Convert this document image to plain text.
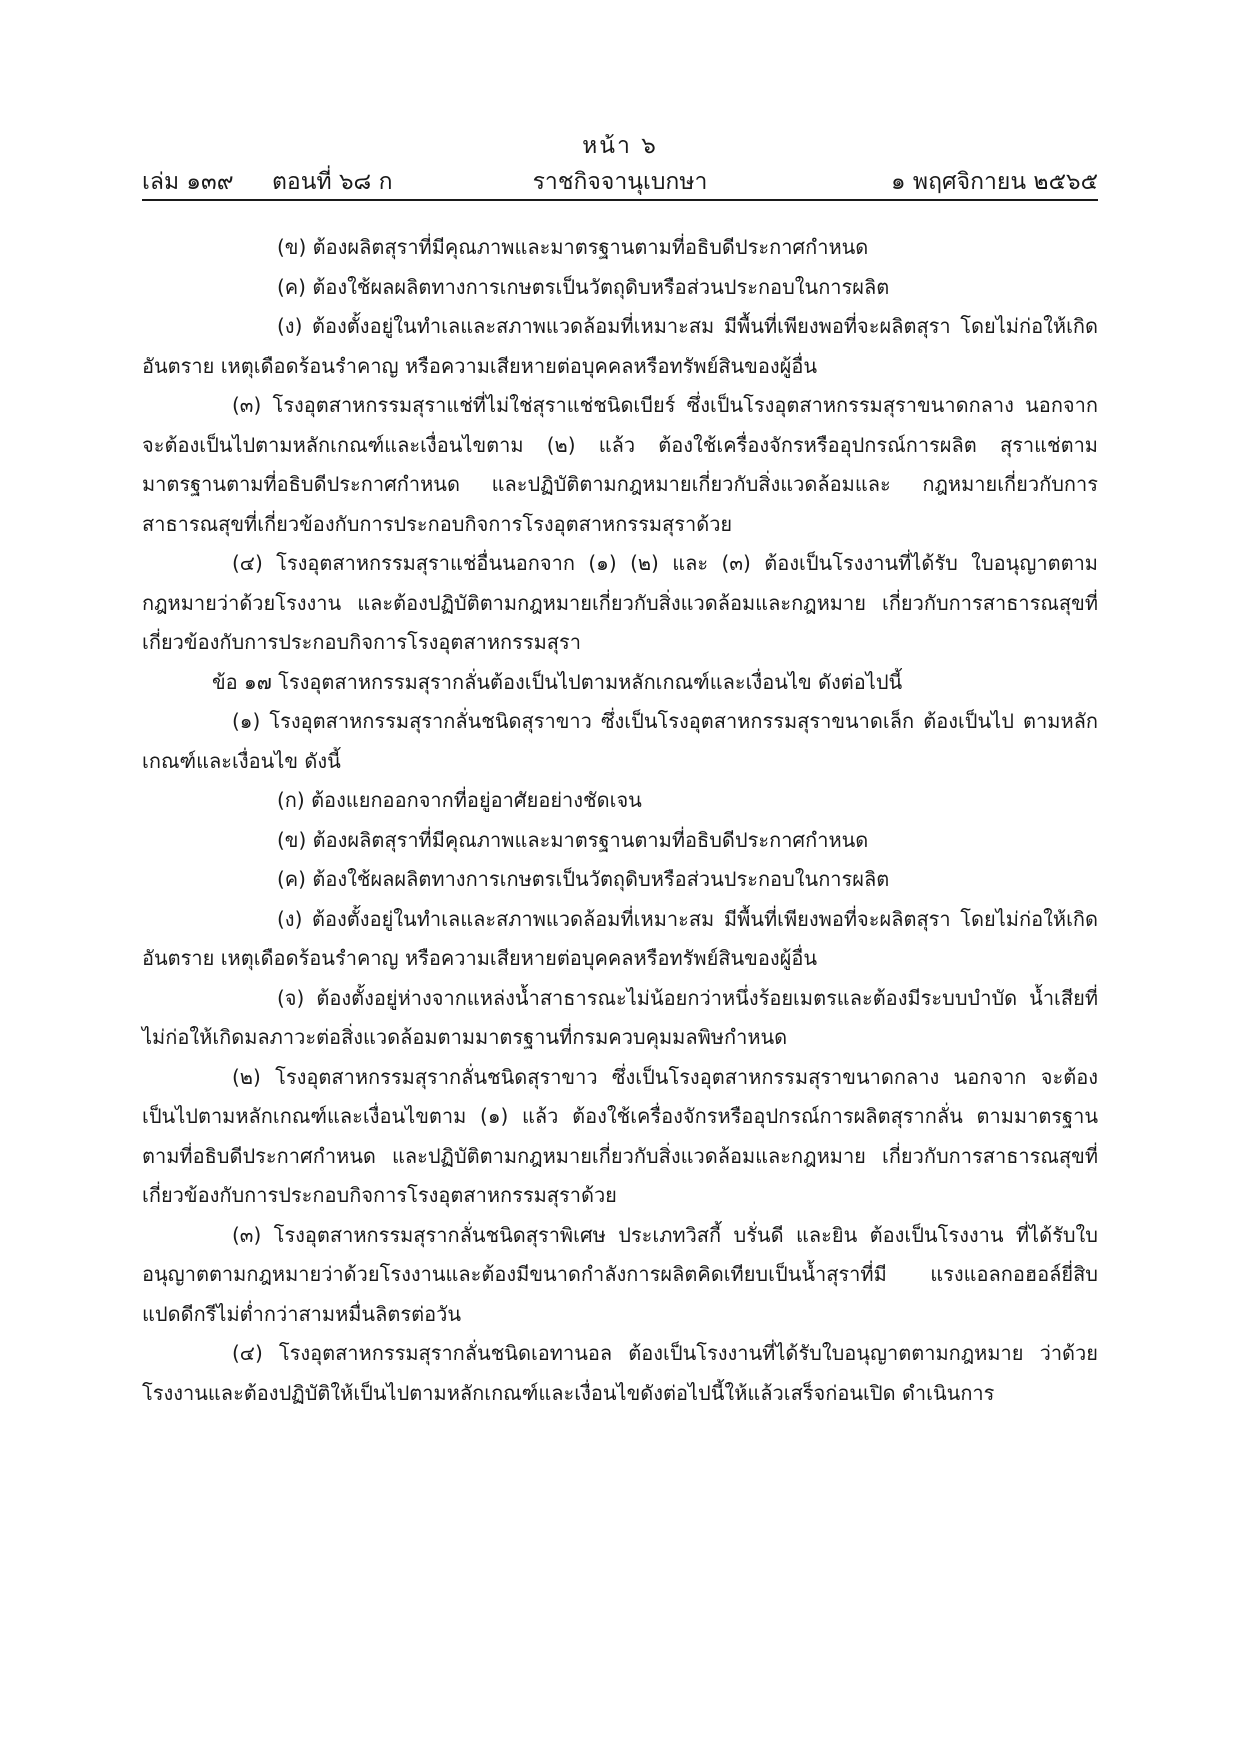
หน้า ๖
ราชกิจจานุเบกษา
เล่ม ๑๓๙ ตอนที่ ๖๘ ก	๑ พฤศจิกายน ๒๕๖๕

(ข) ต้องผลิตสุราที่มีคุณภาพและมาตรฐานตามที่อธิบดีประกาศกำหนด

(ค) ต้องใช้ผลผลิตทางการเกษตรเป็นวัตถุดิบหรือส่วนประกอบในการผลิต

(ง) ต้องตั้งอยู่ในทำเลและสภาพแวดล้อมที่เหมาะสม มีพื้นที่เพียงพอที่จะผลิตสุรา โดยไม่ก่อให้เกิดอันตราย เหตุเดือดร้อนรำคาญ หรือความเสียหายต่อบุคคลหรือทรัพย์สินของผู้อื่น

(๓) โรงอุตสาหกรรมสุราแช่ที่ไม่ใช่สุราแช่ชนิดเบียร์ ซึ่งเป็นโรงอุตสาหกรรมสุราขนาดกลาง นอกจากจะต้องเป็นไปตามหลักเกณฑ์และเงื่อนไขตาม (๒) แล้ว ต้องใช้เครื่องจักรหรืออุปกรณ์การผลิต สุราแช่ตามมาตรฐานตามที่อธิบดีประกาศกำหนด และปฏิบัติตามกฎหมายเกี่ยวกับสิ่งแวดล้อมและ กฎหมายเกี่ยวกับการสาธารณสุขที่เกี่ยวข้องกับการประกอบกิจการโรงอุตสาหกรรมสุราด้วย

(๔) โรงอุตสาหกรรมสุราแช่อื่นนอกจาก (๑) (๒) และ (๓) ต้องเป็นโรงงานที่ได้รับ ใบอนุญาตตามกฎหมายว่าด้วยโรงงาน และต้องปฏิบัติตามกฎหมายเกี่ยวกับสิ่งแวดล้อมและกฎหมาย เกี่ยวกับการสาธารณสุขที่เกี่ยวข้องกับการประกอบกิจการโรงอุตสาหกรรมสุรา

ข้อ ๑๗ โรงอุตสาหกรรมสุรากลั่นต้องเป็นไปตามหลักเกณฑ์และเงื่อนไข ดังต่อไปนี้

(๑) โรงอุตสาหกรรมสุรากลั่นชนิดสุราขาว ซึ่งเป็นโรงอุตสาหกรรมสุราขนาดเล็ก ต้องเป็นไป ตามหลักเกณฑ์และเงื่อนไข ดังนี้

(ก) ต้องแยกออกจากที่อยู่อาศัยอย่างชัดเจน

(ข) ต้องผลิตสุราที่มีคุณภาพและมาตรฐานตามที่อธิบดีประกาศกำหนด

(ค) ต้องใช้ผลผลิตทางการเกษตรเป็นวัตถุดิบหรือส่วนประกอบในการผลิต

(ง) ต้องตั้งอยู่ในทำเลและสภาพแวดล้อมที่เหมาะสม มีพื้นที่เพียงพอที่จะผลิตสุรา โดยไม่ก่อให้เกิดอันตราย เหตุเดือดร้อนรำคาญ หรือความเสียหายต่อบุคคลหรือทรัพย์สินของผู้อื่น

(จ) ต้องตั้งอยู่ห่างจากแหล่งน้ำสาธารณะไม่น้อยกว่าหนึ่งร้อยเมตรและต้องมีระบบบำบัด น้ำเสียที่ไม่ก่อให้เกิดมลภาวะต่อสิ่งแวดล้อมตามมาตรฐานที่กรมควบคุมมลพิษกำหนด

(๒) โรงอุตสาหกรรมสุรากลั่นชนิดสุราขาว ซึ่งเป็นโรงอุตสาหกรรมสุราขนาดกลาง นอกจาก จะต้องเป็นไปตามหลักเกณฑ์และเงื่อนไขตาม (๑) แล้ว ต้องใช้เครื่องจักรหรืออุปกรณ์การผลิตสุรากลั่น ตามมาตรฐานตามที่อธิบดีประกาศกำหนด และปฏิบัติตามกฎหมายเกี่ยวกับสิ่งแวดล้อมและกฎหมาย เกี่ยวกับการสาธารณสุขที่เกี่ยวข้องกับการประกอบกิจการโรงอุตสาหกรรมสุราด้วย

(๓) โรงอุตสาหกรรมสุรากลั่นชนิดสุราพิเศษ ประเภทวิสกี้ บรั่นดี และยิน ต้องเป็นโรงงาน ที่ได้รับใบอนุญาตตามกฎหมายว่าด้วยโรงงานและต้องมีขนาดกำลังการผลิตคิดเทียบเป็นน้ำสุราที่มี แรงแอลกอฮอล์ยี่สิบแปดดีกรีไม่ต่ำกว่าสามหมื่นลิตรต่อวัน

(๔) โรงอุตสาหกรรมสุรากลั่นชนิดเอทานอล ต้องเป็นโรงงานที่ได้รับใบอนุญาตตามกฎหมาย ว่าด้วยโรงงานและต้องปฏิบัติให้เป็นไปตามหลักเกณฑ์และเงื่อนไขดังต่อไปนี้ให้แล้วเสร็จก่อนเปิด ดำเนินการ
